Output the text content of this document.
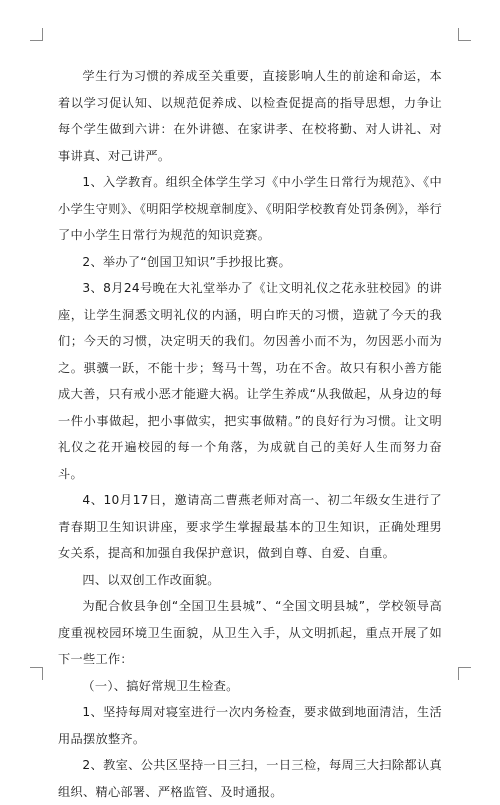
学生行为习惯的养成至关重要，直接影响人生的前途和命运，本着以学习促认知、以规范促养成、以检查促提高的指导思想，力争让每个学生做到六讲：在外讲德、在家讲孝、在校将勤、对人讲礼、对事讲真、对己讲严。

1、入学教育。组织全体学生学习《中小学生日常行为规范》、《中小学生守则》、《明阳学校规章制度》、《明阳学校教育处罚条例》，举行了中小学生日常行为规范的知识竞赛。

2、举办了“创国卫知识”手抄报比赛。

3、8月24号晚在大礼堂举办了《让文明礼仪之花永驻校园》的讲座，让学生洞悉文明礼仪的内涵，明白昨天的习惯，造就了今天的我们；今天的习惯，决定明天的我们。勿因善小而不为，勿因恶小而为之。骐骥一跃，不能十步；驽马十驾，功在不舍。故只有积小善方能成大善，只有戒小恶才能避大祸。让学生养成“从我做起，从身边的每一件小事做起，把小事做实，把实事做精。”的良好行为习惯。让文明礼仪之花开遍校园的每一个角落，为成就自己的美好人生而努力奋斗。

4、10月17日，邀请高二曹燕老师对高一、初二年级女生进行了青春期卫生知识讲座，要求学生掌握最基本的卫生知识，正确处理男女关系，提高和加强自我保护意识，做到自尊、自爱、自重。

四、以双创工作改面貌。

为配合攸县争创“全国卫生县城”、“全国文明县城”，学校领导高度重视校园环境卫生面貌，从卫生入手，从文明抓起，重点开展了如下一些工作：

（一）、搞好常规卫生检查。

1、坚持每周对寝室进行一次内务检查，要求做到地面清洁，生活用品摆放整齐。

2、教室、公共区坚持一日三扫，一日三检，每周三大扫除都认真组织、精心部署、严格监管、及时通报。
